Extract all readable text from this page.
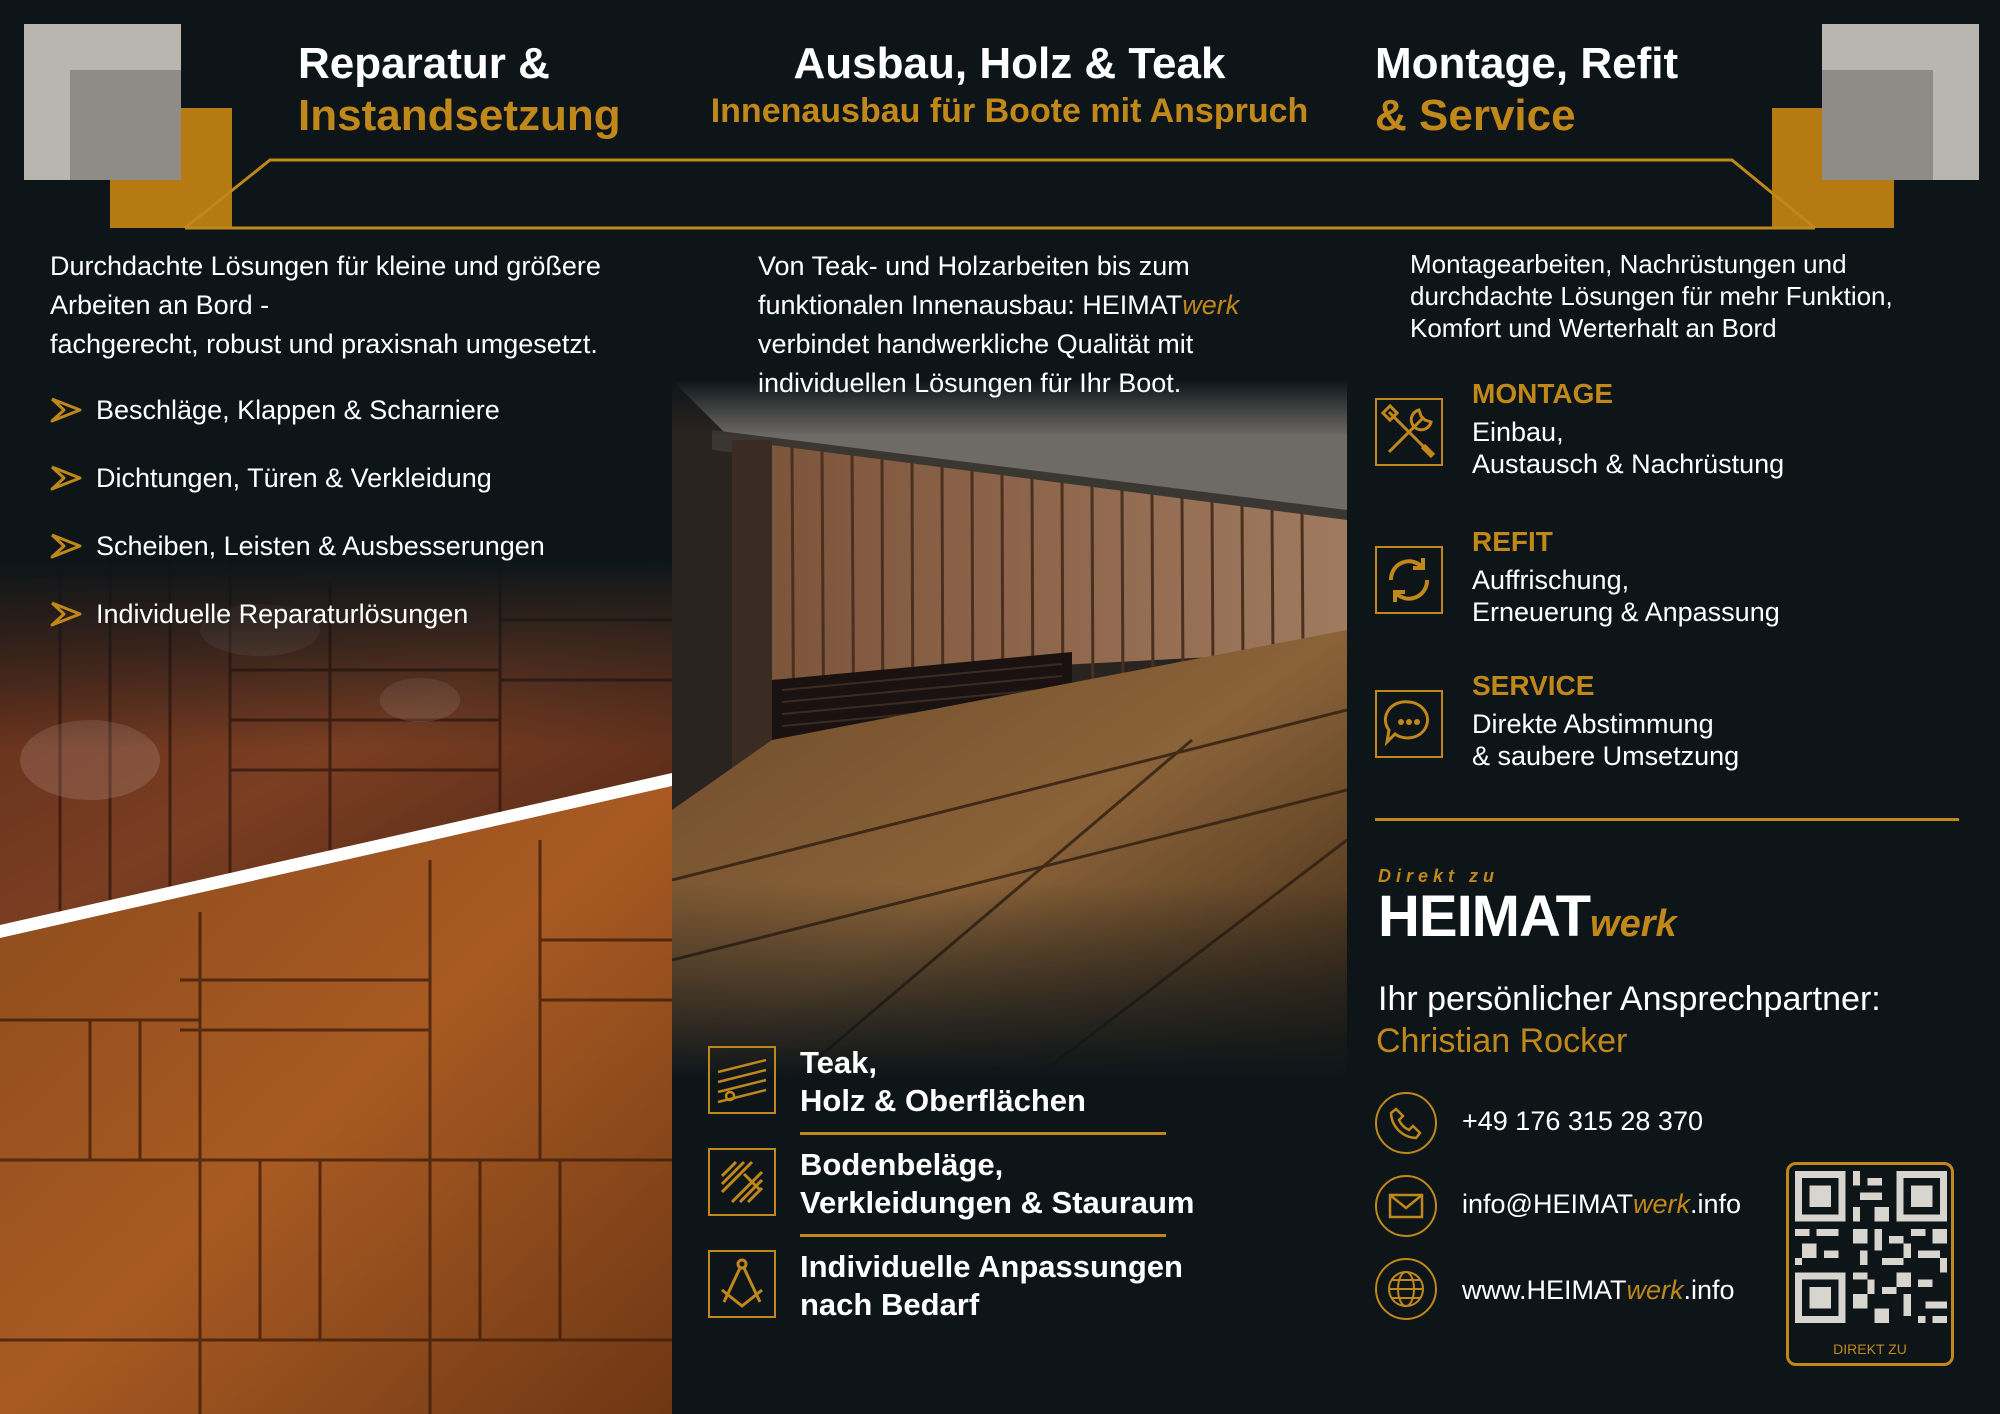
Reparatur &
Instandsetzung
Ausbau, Holz & Teak
Innenausbau für Boote mit Anspruch
Montage, Refit
& Service
Durchdachte Lösungen für kleine und größere
Arbeiten an Bord -
fachgerecht, robust und praxisnah umgesetzt.
Beschläge, Klappen & Scharniere
Dichtungen, Türen & Verkleidung
Scheiben, Leisten & Ausbesserungen
Individuelle Reparaturlösungen
Von Teak- und Holzarbeiten bis zum
funktionalen Innenausbau: HEIMATwerk
verbindet handwerkliche Qualität mit
individuellen Lösungen für Ihr Boot.
Teak,
Holz & Oberflächen
Bodenbeläge,
Verkleidungen & Stauraum
Individuelle Anpassungen
nach Bedarf
Montagearbeiten, Nachrüstungen und
durchdachte Lösungen für mehr Funktion,
Komfort und Werterhalt an Bord
MONTAGE
Einbau,
Austausch & Nachrüstung
REFIT
Auffrischung,
Erneuerung & Anpassung
SERVICE
Direkte Abstimmung
& saubere Umsetzung
Direkt zu
HEIMATwerk
Ihr persönlicher Ansprechpartner:
Christian Rocker
+49 176 315 28 370
info@HEIMATwerk.info
www.HEIMATwerk.info
DIREKT ZU
